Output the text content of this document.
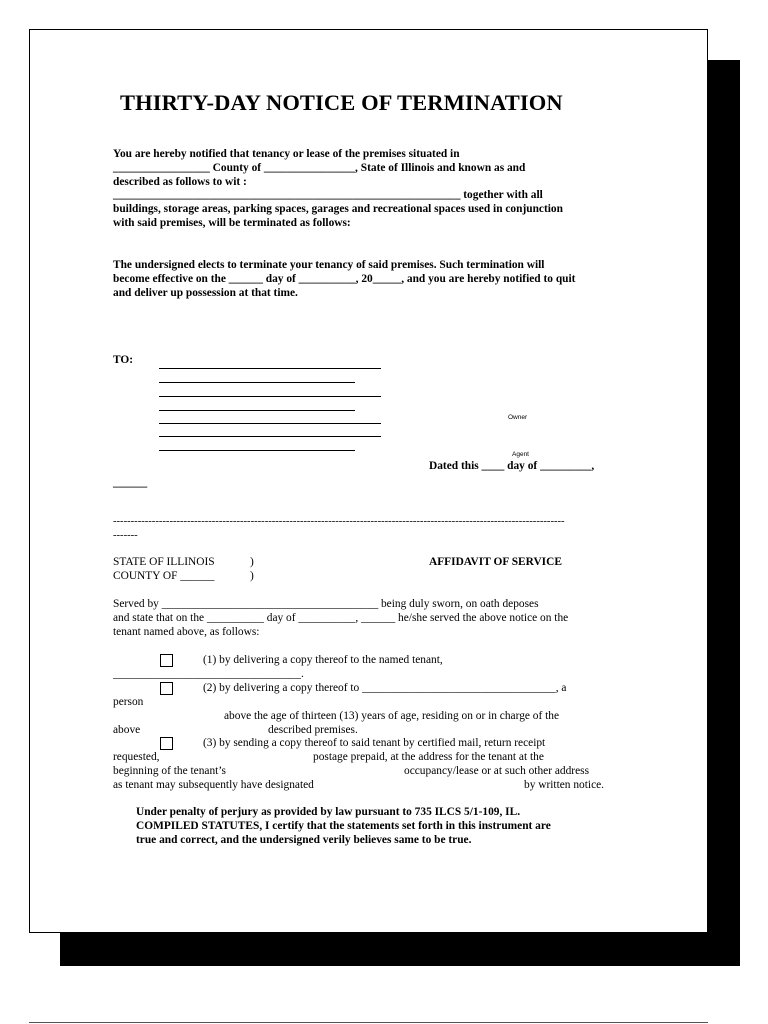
THIRTY-DAY NOTICE OF TERMINATION
You are hereby notified that tenancy or lease of the premises situated in
_________________ County of ________________, State of Illinois and known as and
described as follows to wit :
_____________________________________________________________ together with all
buildings, storage areas, parking spaces, garages and recreational spaces used in conjunction
with said premises, will be terminated as follows:
The undersigned elects to terminate your tenancy of said premises. Such termination will
become effective on the ______ day of __________, 20_____, and you are hereby notified to quit
and deliver up possession at that time.
TO:
Owner
Agent
Dated this ____ day of _________,
______
--------------------------------------------------------------------------------------------------------------------------------
-------
STATE OF ILLINOIS	)
COUNTY OF ______	)
AFFIDAVIT OF SERVICE
Served by ______________________________________ being duly sworn, on oath deposes
and state that on the __________ day of __________, ______ he/she served the above notice on the
tenant named above, as follows:
(1) by delivering a copy thereof to the named tenant,
_________________________________.
(2) by delivering a copy thereof to __________________________________, a
person
above the age of thirteen (13) years of age, residing on or in charge of the
above	described premises.
(3) by sending a copy thereof to said tenant by certified mail, return receipt
requested,	postage prepaid, at the address for the tenant at the
beginning of the tenant’s	occupancy/lease or at such other address
as tenant may subsequently have designated	by written notice.
Under penalty of perjury as provided by law pursuant to 735 ILCS 5/1-109, IL.
COMPILED STATUTES, I certify that the statements set forth in this instrument are
true and correct, and the undersigned verily believes same to be true.
